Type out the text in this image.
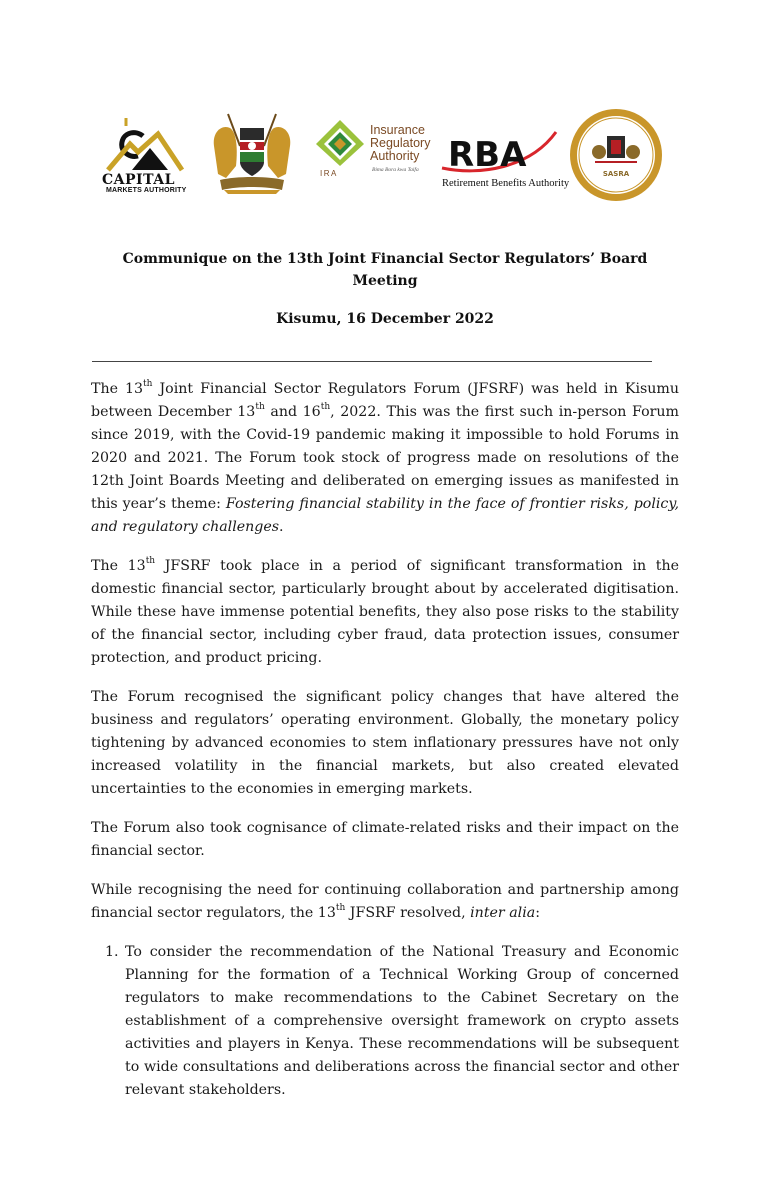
CAPITAL
MARKETS AUTHORITY
Insurance
Regulatory
Authority
Bima Bora kwa Taifa
IRA	RBA
Retirement Benefits Authority
SASRA
Communique on the 13th Joint Financial Sector Regulators’ Board
Meeting
Kisumu, 16 December 2022

The 13th Joint Financial Sector Regulators Forum (JFSRF) was held in Kisumu between December 13th and 16th, 2022. This was the first such in-person Forum since 2019, with the Covid-19 pandemic making it impossible to hold Forums in 2020 and 2021. The Forum took stock of progress made on resolutions of the 12th Joint Boards Meeting and deliberated on emerging issues as manifested in this year’s theme: Fostering financial stability in the face of frontier risks, policy, and regulatory challenges.

The 13th JFSRF took place in a period of significant transformation in the domestic financial sector, particularly brought about by accelerated digitisation. While these have immense potential benefits, they also pose risks to the stability of the financial sector, including cyber fraud, data protection issues, consumer protection, and product pricing.

The Forum recognised the significant policy changes that have altered the business and regulators’ operating environment. Globally, the monetary policy tightening by advanced economies to stem inflationary pressures have not only increased volatility in the financial markets, but also created elevated uncertainties to the economies in emerging markets.

The Forum also took cognisance of climate-related risks and their impact on the financial sector.

While recognising the need for continuing collaboration and partnership among financial sector regulators, the 13th JFSRF resolved, inter alia:

1. To consider the recommendation of the National Treasury and Economic Planning for the formation of a Technical Working Group of concerned regulators to make recommendations to the Cabinet Secretary on the establishment of a comprehensive oversight framework on crypto assets activities and players in Kenya. These recommendations will be subsequent to wide consultations and deliberations across the financial sector and other relevant stakeholders.
